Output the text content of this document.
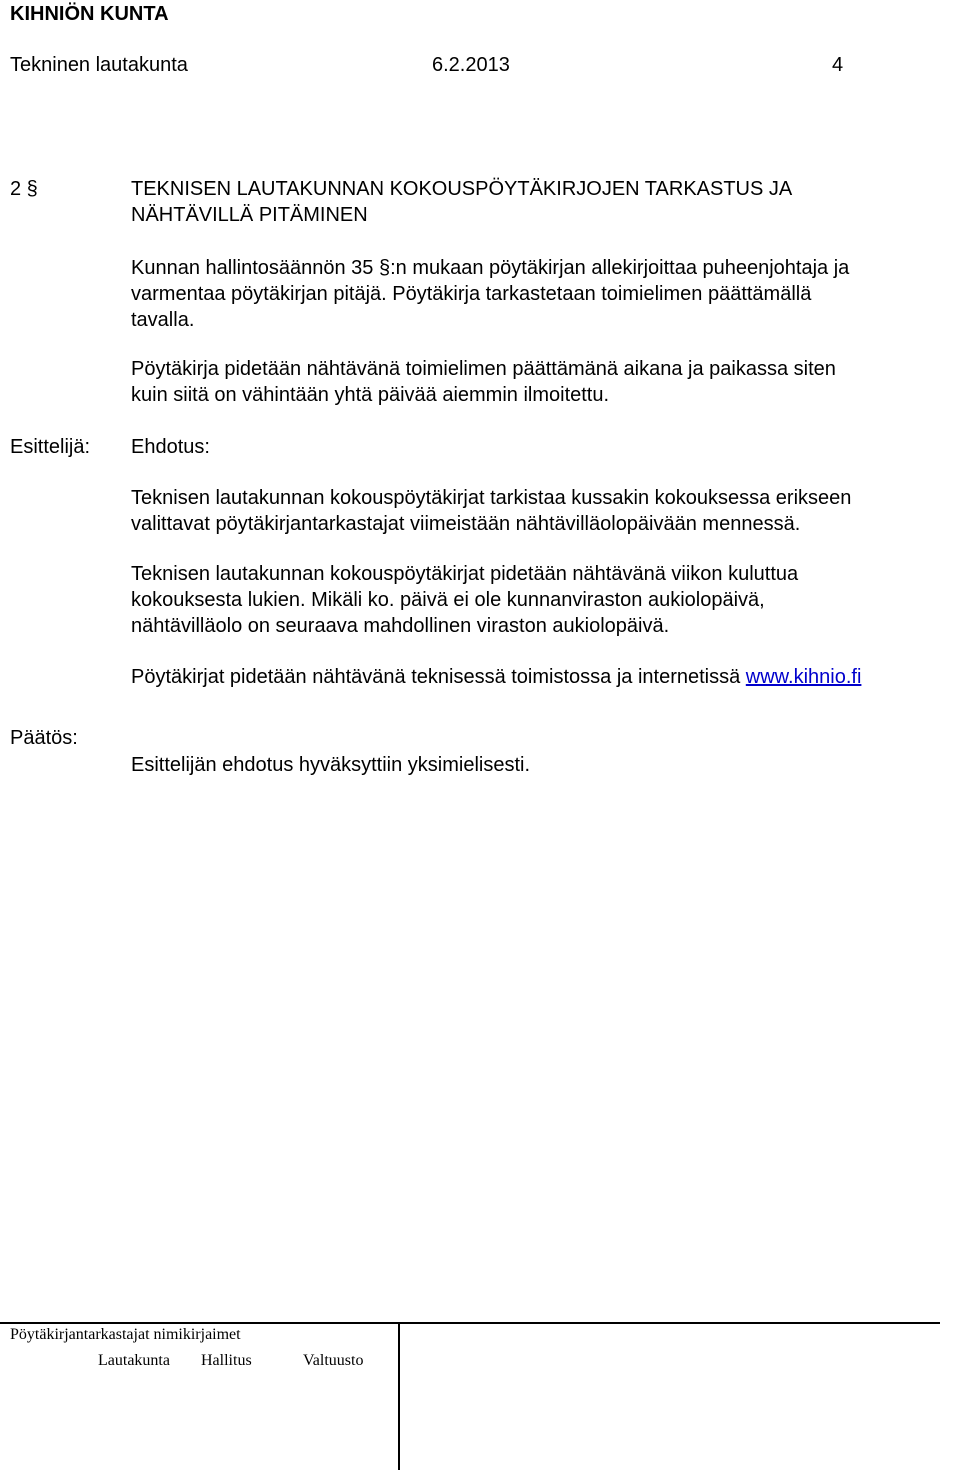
KIHNIÖN KUNTA
Tekninen lautakunta	6.2.2013	4
2 §	TEKNISEN LAUTAKUNNAN KOKOUSPÖYTÄKIRJOJEN TARKASTUS JA
NÄHTÄVILLÄ PITÄMINEN
Kunnan hallintosäännön 35 §:n mukaan pöytäkirjan allekirjoittaa puheenjohtaja ja
varmentaa pöytäkirjan pitäjä. Pöytäkirja tarkastetaan toimielimen päättämällä
tavalla.
Pöytäkirja pidetään nähtävänä toimielimen päättämänä aikana ja paikassa siten
kuin siitä on vähintään yhtä päivää aiemmin ilmoitettu.
Esittelijä: Ehdotus:
Teknisen lautakunnan kokouspöytäkirjat tarkistaa kussakin kokouksessa erikseen
valittavat pöytäkirjantarkastajat viimeistään nähtävilläolopäivään mennessä.
Teknisen lautakunnan kokouspöytäkirjat pidetään nähtävänä viikon kuluttua
kokouksesta lukien. Mikäli ko. päivä ei ole kunnanviraston aukiolopäivä,
nähtävilläolo on seuraava mahdollinen viraston aukiolopäivä.
Pöytäkirjat pidetään nähtävänä teknisessä toimistossa ja internetissä www.kihnio.fi
Päätös:
Esittelijän ehdotus hyväksyttiin yksimielisesti.
Pöytäkirjantarkastajat nimikirjaimet
Lautakunta Hallitus	Valtuusto
